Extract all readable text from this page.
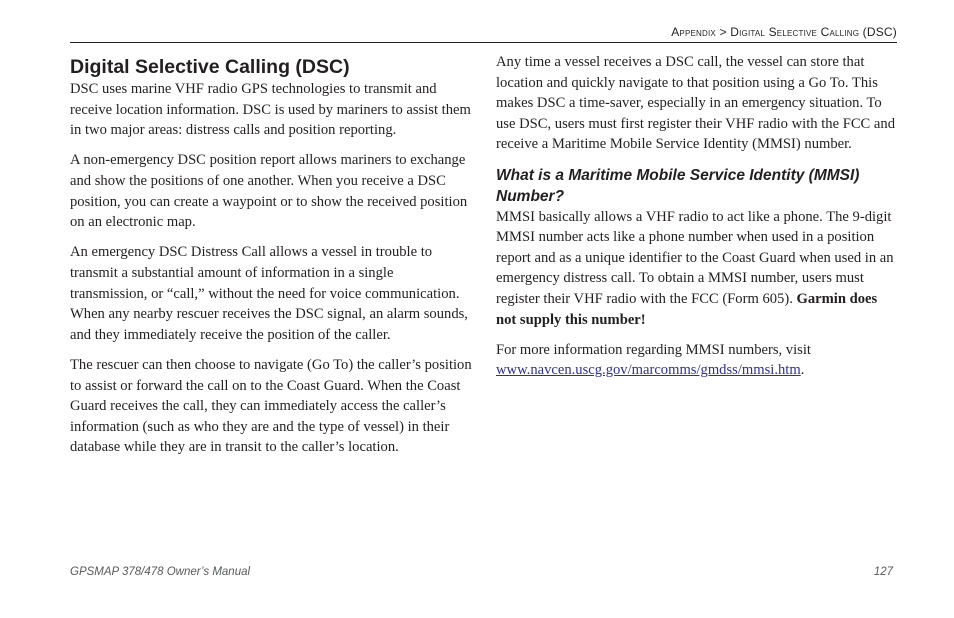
Appendix > Digital Selective Calling (DSC)
Digital Selective Calling (DSC)

DSC uses marine VHF radio GPS technologies to transmit and receive location information. DSC is used by mariners to assist them in two major areas: distress calls and position reporting.

A non-emergency DSC position report allows mariners to exchange and show the positions of one another. When you receive a DSC position, you can create a waypoint or to show the received position on an electronic map.

An emergency DSC Distress Call allows a vessel in trouble to transmit a substantial amount of information in a single transmission, or “call,” without the need for voice communication. When any nearby rescuer receives the DSC signal, an alarm sounds, and they immediately receive the position of the caller.

The rescuer can then choose to navigate (Go To) the caller’s position to assist or forward the call on to the Coast Guard. When the Coast Guard receives the call, they can immediately access the caller’s information (such as who they are and the type of vessel) in their database while they are in transit to the caller’s location.

Any time a vessel receives a DSC call, the vessel can store that location and quickly navigate to that position using a Go To. This makes DSC a time-saver, especially in an emergency situation. To use DSC, users must first register their VHF radio with the FCC and receive a Maritime Mobile Service Identity (MMSI) number.

What is a Maritime Mobile Service Identity (MMSI) Number?

MMSI basically allows a VHF radio to act like a phone. The 9-digit MMSI number acts like a phone number when used in a position report and as a unique identifier to the Coast Guard when used in an emergency distress call. To obtain a MMSI number, users must register their VHF radio with the FCC (Form 605). Garmin does not supply this number!

For more information regarding MMSI numbers, visit www.navcen.uscg.gov/marcomms/gmdss/mmsi.htm.

GPSMAP 378/478 Owner’s Manual	127
